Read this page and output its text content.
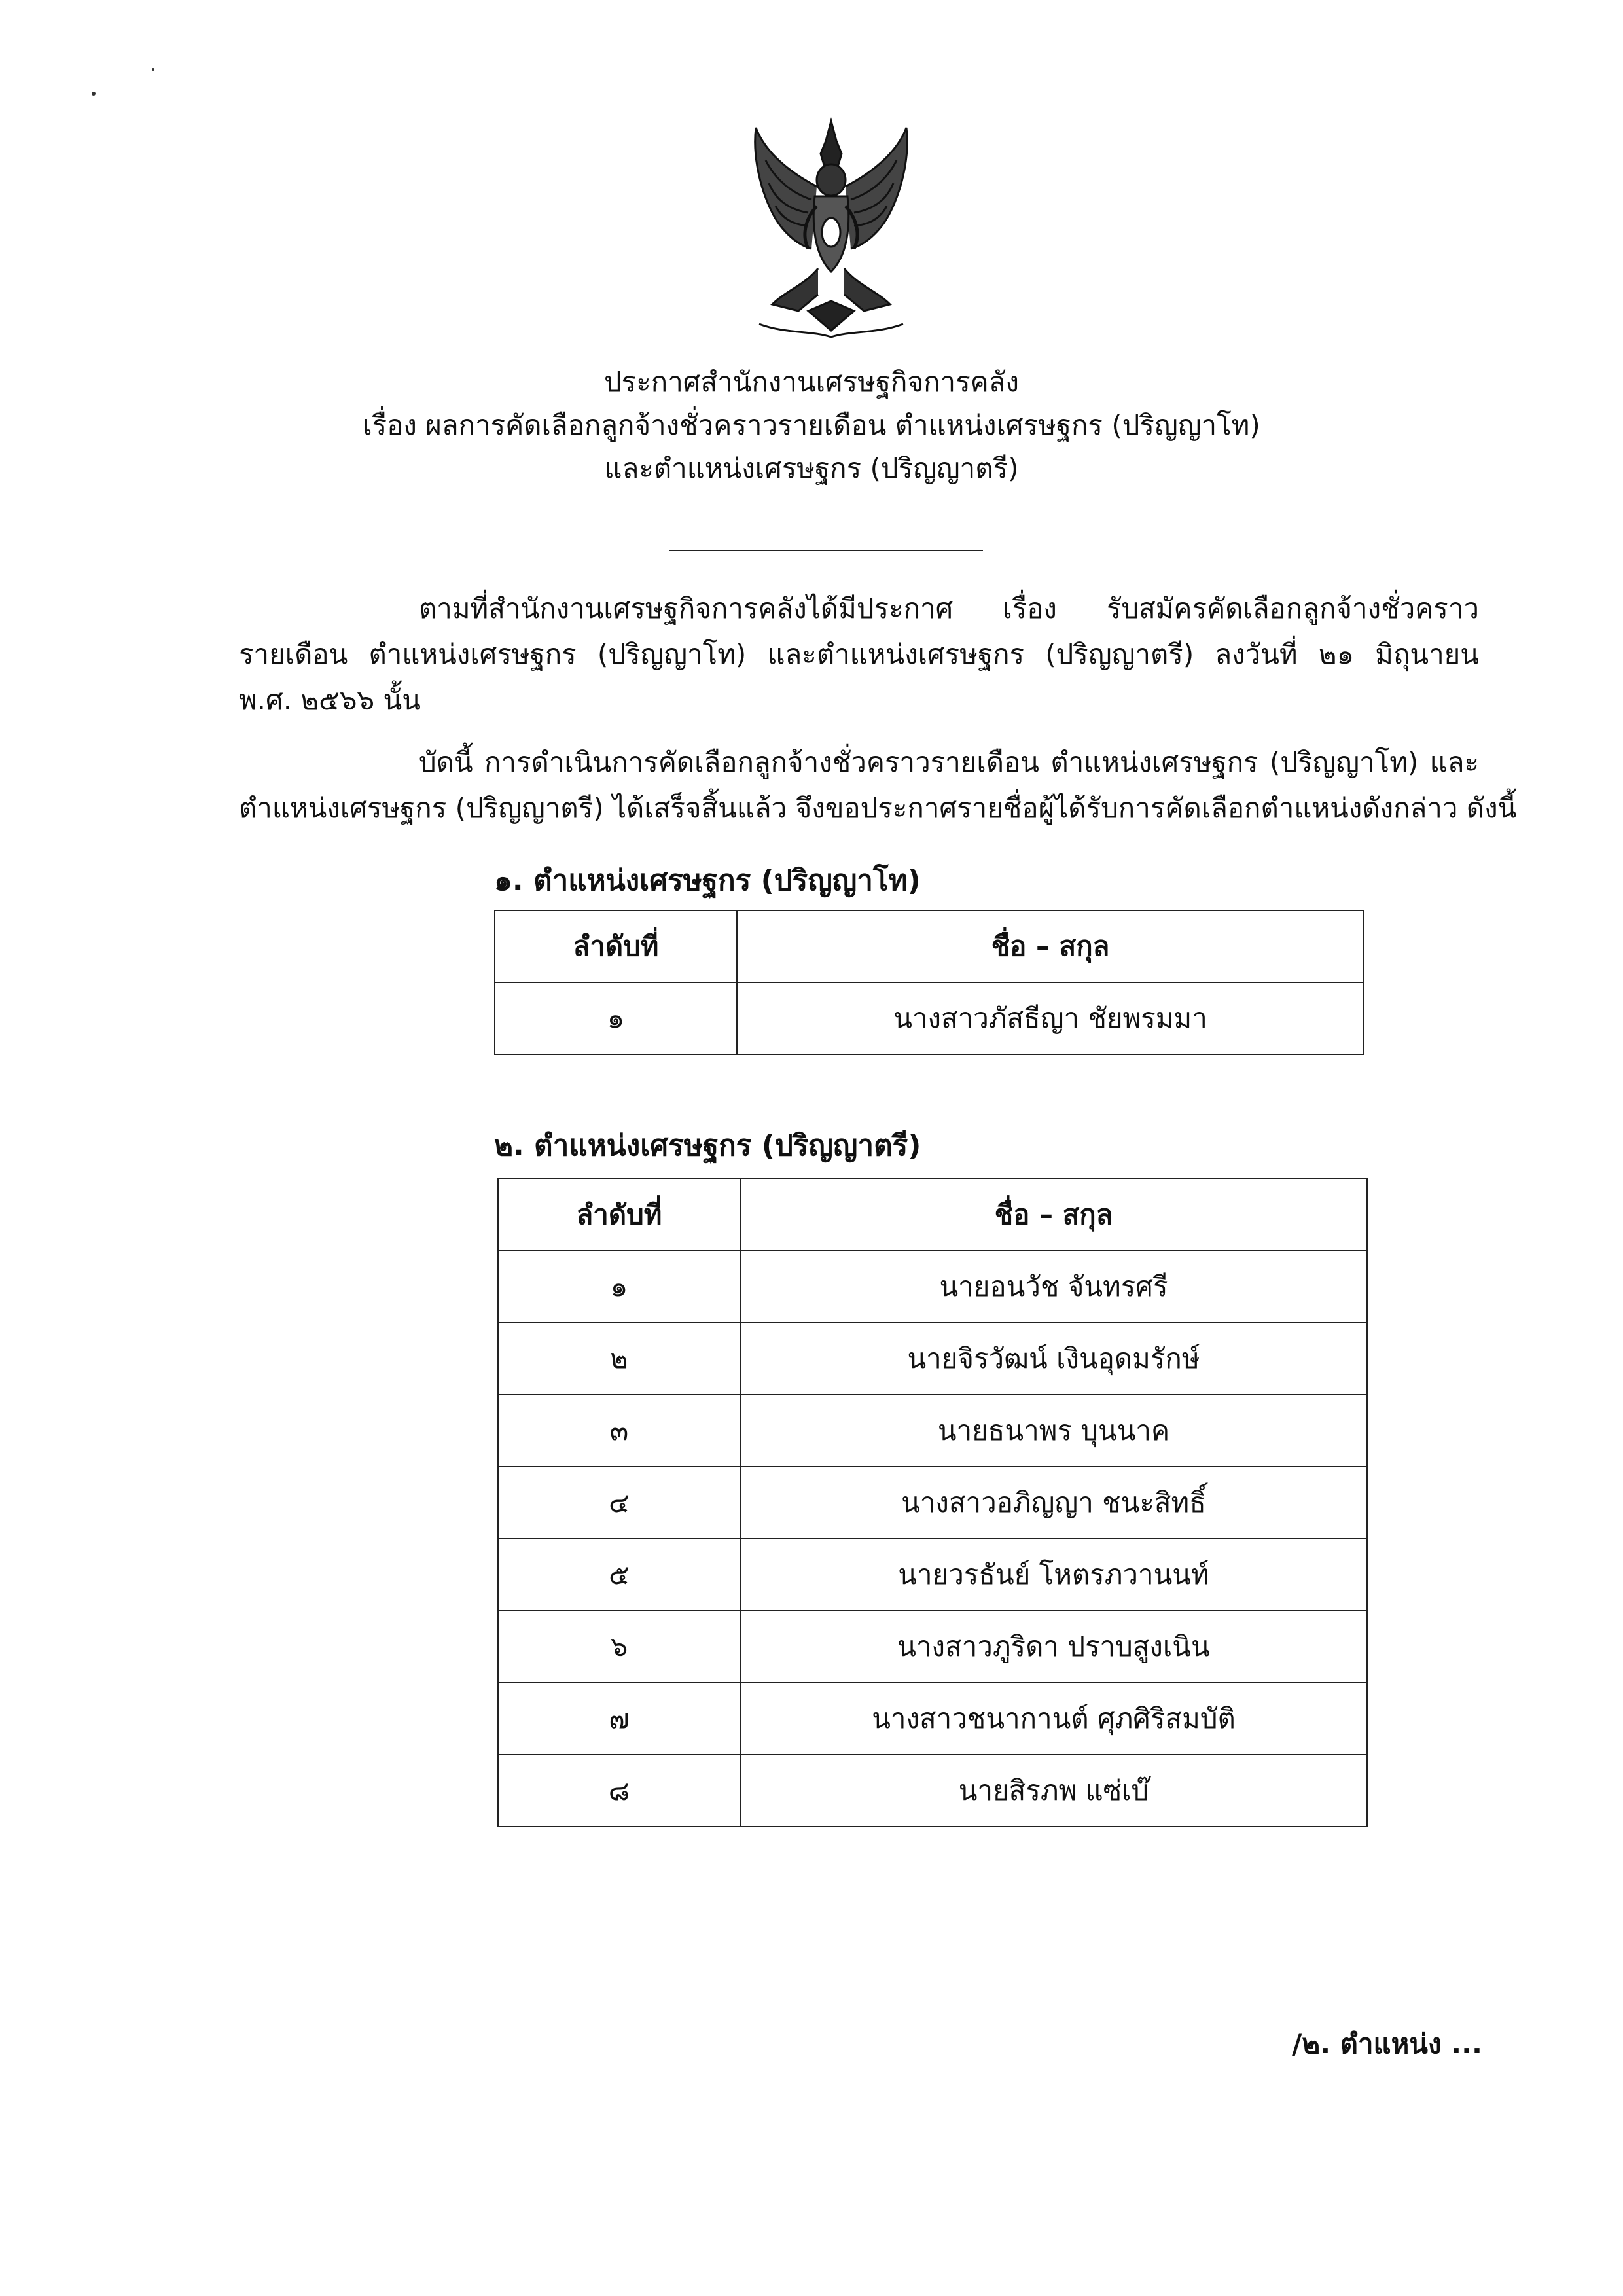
ประกาศสำนักงานเศรษฐกิจการคลัง
เรื่อง ผลการคัดเลือกลูกจ้างชั่วคราวรายเดือน ตำแหน่งเศรษฐกร (ปริญญาโท)
และตำแหน่งเศรษฐกร (ปริญญาตรี)
ตามที่สำนักงานเศรษฐกิจการคลังได้มีประกาศ เรื่อง รับสมัครคัดเลือกลูกจ้างชั่วคราว
รายเดือน ตำแหน่งเศรษฐกร (ปริญญาโท) และตำแหน่งเศรษฐกร (ปริญญาตรี) ลงวันที่ ๒๑ มิถุนายน
พ.ศ. ๒๕๖๖ นั้น
บัดนี้ การดำเนินการคัดเลือกลูกจ้างชั่วคราวรายเดือน ตำแหน่งเศรษฐกร (ปริญญาโท) และ
ตำแหน่งเศรษฐกร (ปริญญาตรี) ได้เสร็จสิ้นแล้ว จึงขอประกาศรายชื่อผู้ได้รับการคัดเลือกตำแหน่งดังกล่าว ดังนี้
๑. ตำแหน่งเศรษฐกร (ปริญญาโท)
ลำดับที่	ชื่อ – สกุล
๑	นางสาวภัสธีญา ชัยพรมมา
๒. ตำแหน่งเศรษฐกร (ปริญญาตรี)
ลำดับที่	ชื่อ – สกุล
๑	นายอนวัช จันทรศรี
๒	นายจิรวัฒน์ เงินอุดมรักษ์
๓	นายธนาพร บุนนาค
๔	นางสาวอภิญญา ชนะสิทธิ์
๕	นายวรธันย์ โหตรภวานนท์
๖	นางสาวภูริดา ปราบสูงเนิน
๗	นางสาวชนากานต์ ศุภศิริสมบัติ
๘	นายสิรภพ แซ่เบ๊
/๒. ตำแหน่ง ...
